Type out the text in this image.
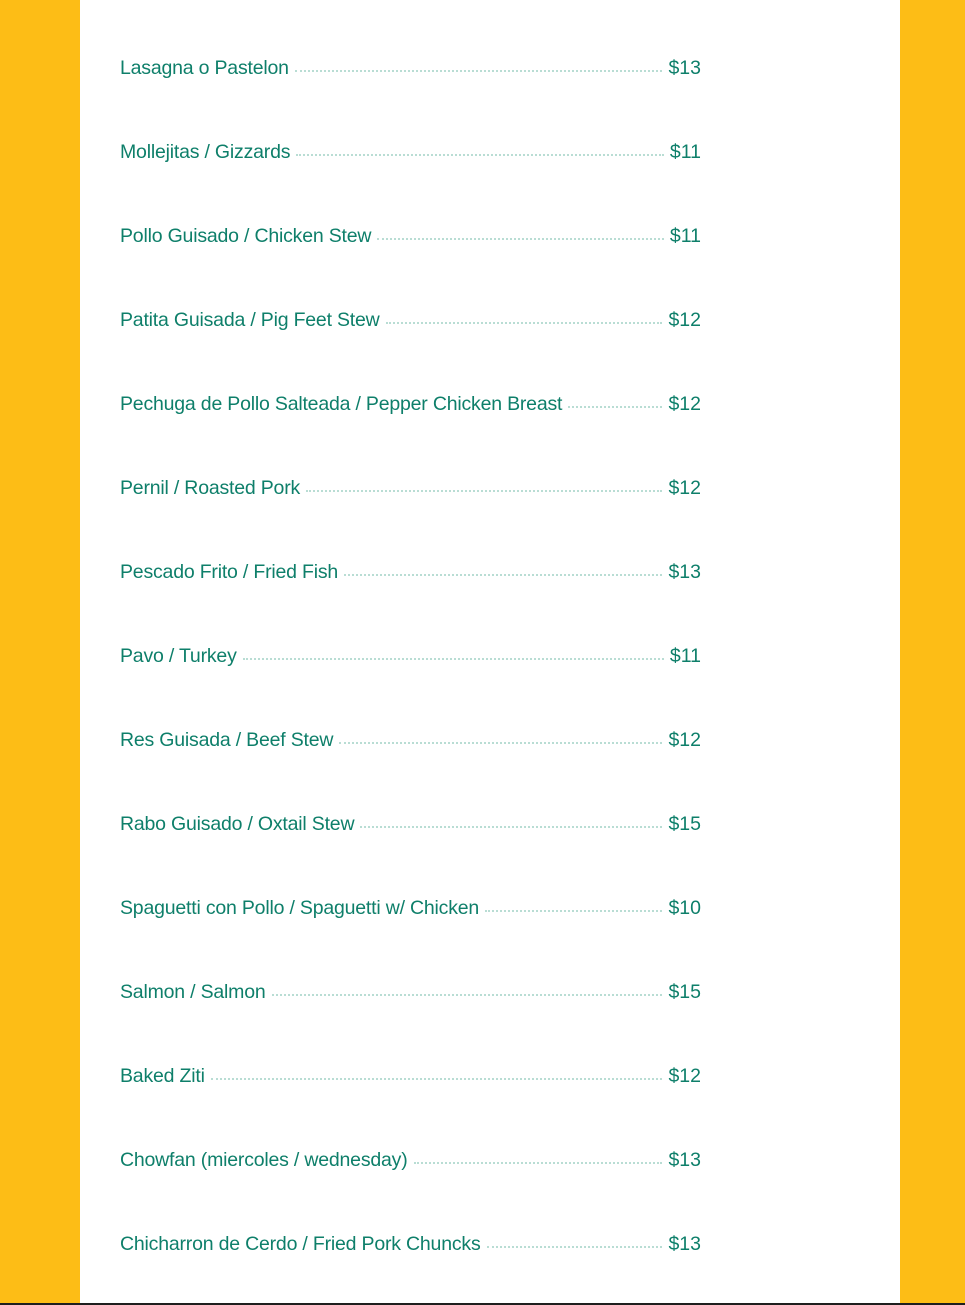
Lasagna o Pastelon	$13
Mollejitas / Gizzards	$11
Pollo Guisado / Chicken Stew	$11
Patita Guisada / Pig Feet Stew	$12
Pechuga de Pollo Salteada / Pepper Chicken Breast	$12
Pernil / Roasted Pork	$12
Pescado Frito / Fried Fish	$13
Pavo / Turkey	$11
Res Guisada / Beef Stew	$12
Rabo Guisado / Oxtail Stew	$15
Spaguetti con Pollo / Spaguetti w/ Chicken	$10
Salmon / Salmon	$15
Baked Ziti	$12
Chowfan (miercoles / wednesday)	$13
Chicharron de Cerdo / Fried Pork Chuncks	$13
